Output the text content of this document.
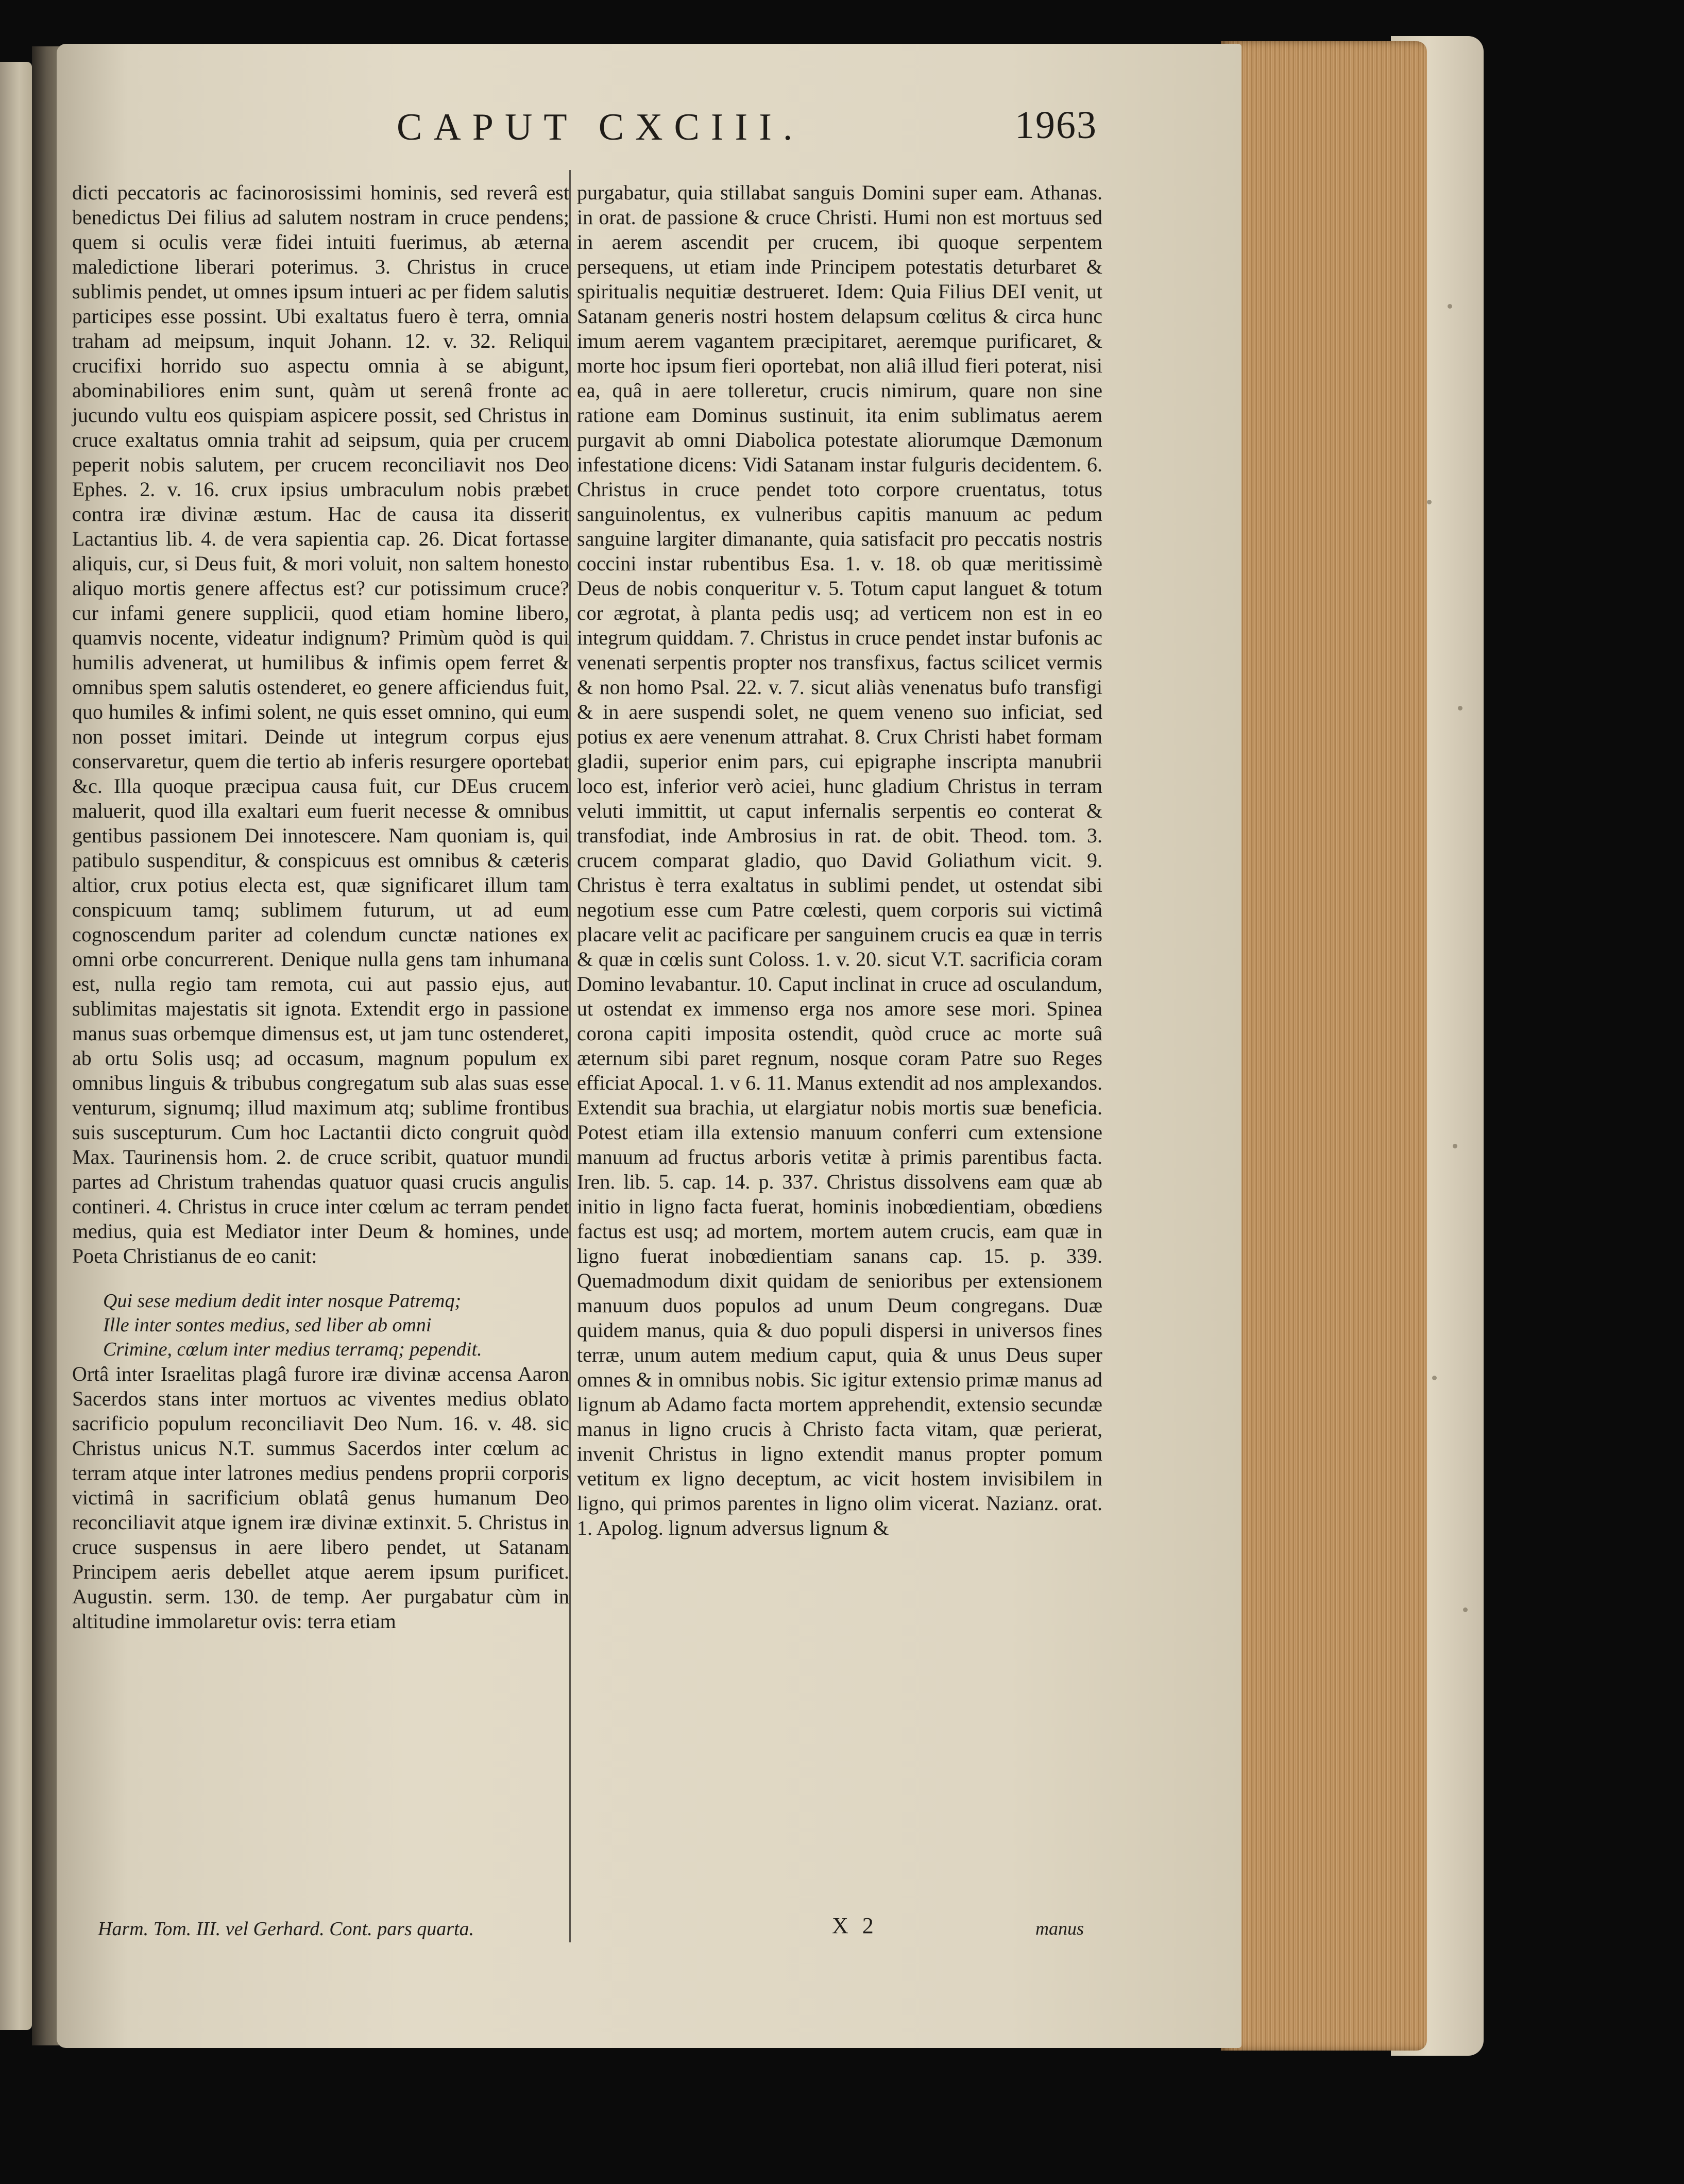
CAPUT CXCIII.	1963

dicti peccatoris ac facinorosissimi hominis, sed reverâ est benedictus Dei filius ad salutem nostram in cruce pendens; quem si oculis veræ fidei intuiti fuerimus, ab æterna maledictione liberari poterimus. 3. Christus in cruce sublimis pendet, ut omnes ipsum intueri ac per fidem salutis participes esse possint. Ubi exaltatus fuero è terra, omnia traham ad meipsum, inquit Johann. 12. v. 32. Reliqui crucifixi horrido suo aspectu omnia à se abigunt, abominabiliores enim sunt, quàm ut serenâ fronte ac jucundo vultu eos quispiam aspicere possit, sed Christus in cruce exaltatus omnia trahit ad seipsum, quia per crucem peperit nobis salutem, per crucem reconciliavit nos Deo Ephes. 2. v. 16. crux ipsius umbraculum nobis præbet contra iræ divinæ æstum. Hac de causa ita disserit Lactantius lib. 4. de vera sapientia cap. 26. Dicat fortasse aliquis, cur, si Deus fuit, & mori voluit, non saltem honesto aliquo mortis genere affectus est? cur potissimum cruce? cur infami genere supplicii, quod etiam homine libero, quamvis nocente, videatur indignum? Primùm quòd is qui humilis advenerat, ut humilibus & infimis opem ferret & omnibus spem salutis ostenderet, eo genere afficiendus fuit, quo humiles & infimi solent, ne quis esset omnino, qui eum non posset imitari. Deinde ut integrum corpus ejus conservaretur, quem die tertio ab inferis resurgere oportebat &c. Illa quoque præcipua causa fuit, cur DEus crucem maluerit, quod illa exaltari eum fuerit necesse & omnibus gentibus passionem Dei innotescere. Nam quoniam is, qui patibulo suspenditur, & conspicuus est omnibus & cæteris altior, crux potius electa est, quæ significaret illum tam conspicuum tamq; sublimem futurum, ut ad eum cognoscendum pariter ad colendum cunctæ nationes ex omni orbe concurrerent. Denique nulla gens tam inhumana est, nulla regio tam remota, cui aut passio ejus, aut sublimitas majestatis sit ignota. Extendit ergo in passione manus suas orbemque dimensus est, ut jam tunc ostenderet, ab ortu Solis usq; ad occasum, magnum populum ex omnibus linguis & tribubus congregatum sub alas suas esse venturum, signumq; illud maximum atq; sublime frontibus suis suscepturum. Cum hoc Lactantii dicto congruit quòd Max. Taurinensis hom. 2. de cruce scribit, quatuor mundi partes ad Christum trahendas quatuor quasi crucis angulis contineri. 4. Christus in cruce inter cœlum ac terram pendet medius, quia est Mediator inter Deum & homines, unde Poeta Christianus de eo canit:

Qui sese medium dedit inter nosque Patremq;
Ille inter sontes medius, sed liber ab omni
Crimine, cœlum inter medius terramq; pependit.

Ortâ inter Israelitas plagâ furore iræ divinæ accensa Aaron Sacerdos stans inter mortuos ac viventes medius oblato sacrificio populum reconciliavit Deo Num. 16. v. 48. sic Christus unicus N.T. summus Sacerdos inter cœlum ac terram atque inter latrones medius pendens proprii corporis victimâ in sacrificium oblatâ genus humanum Deo reconciliavit atque ignem iræ divinæ extinxit. 5. Christus in cruce suspensus in aere libero pendet, ut Satanam Principem aeris debellet atque aerem ipsum purificet. Augustin. serm. 130. de temp. Aer purgabatur cùm in altitudine immolaretur ovis: terra etiam

purgabatur, quia stillabat sanguis Domini super eam. Athanas. in orat. de passione & cruce Christi. Humi non est mortuus sed in aerem ascendit per crucem, ibi quoque serpentem persequens, ut etiam inde Principem potestatis deturbaret & spiritualis nequitiæ destrueret. Idem: Quia Filius DEI venit, ut Satanam generis nostri hostem delapsum cœlitus & circa hunc imum aerem vagantem præcipitaret, aeremque purificaret, & morte hoc ipsum fieri oportebat, non aliâ illud fieri poterat, nisi ea, quâ in aere tolleretur, crucis nimirum, quare non sine ratione eam Dominus sustinuit, ita enim sublimatus aerem purgavit ab omni Diabolica potestate aliorumque Dæmonum infestatione dicens: Vidi Satanam instar fulguris decidentem. 6. Christus in cruce pendet toto corpore cruentatus, totus sanguinolentus, ex vulneribus capitis manuum ac pedum sanguine largiter dimanante, quia satisfacit pro peccatis nostris coccini instar rubentibus Esa. 1. v. 18. ob quæ meritissimè Deus de nobis conqueritur v. 5. Totum caput languet & totum cor ægrotat, à planta pedis usq; ad verticem non est in eo integrum quiddam. 7. Christus in cruce pendet instar bufonis ac venenati serpentis propter nos transfixus, factus scilicet vermis & non homo Psal. 22. v. 7. sicut aliàs venenatus bufo transfigi & in aere suspendi solet, ne quem veneno suo inficiat, sed potius ex aere venenum attrahat. 8. Crux Christi habet formam gladii, superior enim pars, cui epigraphe inscripta manubrii loco est, inferior verò aciei, hunc gladium Christus in terram veluti immittit, ut caput infernalis serpentis eo conterat & transfodiat, inde Ambrosius in rat. de obit. Theod. tom. 3. crucem comparat gladio, quo David Goliathum vicit. 9. Christus è terra exaltatus in sublimi pendet, ut ostendat sibi negotium esse cum Patre cœlesti, quem corporis sui victimâ placare velit ac pacificare per sanguinem crucis ea quæ in terris & quæ in cœlis sunt Coloss. 1. v. 20. sicut V.T. sacrificia coram Domino levabantur. 10. Caput inclinat in cruce ad osculandum, ut ostendat ex immenso erga nos amore sese mori. Spinea corona capiti imposita ostendit, quòd cruce ac morte suâ æternum sibi paret regnum, nosque coram Patre suo Reges efficiat Apocal. 1. v 6. 11. Manus extendit ad nos amplexandos. Extendit sua brachia, ut elargiatur nobis mortis suæ beneficia. Potest etiam illa extensio manuum conferri cum extensione manuum ad fructus arboris vetitæ à primis parentibus facta. Iren. lib. 5. cap. 14. p. 337. Christus dissolvens eam quæ ab initio in ligno facta fuerat, hominis inobœdientiam, obœdiens factus est usq; ad mortem, mortem autem crucis, eam quæ in ligno fuerat inobœdientiam sanans cap. 15. p. 339. Quemadmodum dixit quidam de senioribus per extensionem manuum duos populos ad unum Deum congregans. Duæ quidem manus, quia & duo populi dispersi in universos fines terræ, unum autem medium caput, quia & unus Deus super omnes & in omnibus nobis. Sic igitur extensio primæ manus ad lignum ab Adamo facta mortem apprehendit, extensio secundæ manus in ligno crucis à Christo facta vitam, quæ perierat, invenit Christus in ligno extendit manus propter pomum vetitum ex ligno deceptum, ac vicit hostem invisibilem in ligno, qui primos parentes in ligno olim vicerat. Nazianz. orat. 1. Apolog. lignum adversus lignum &

Harm. Tom. III. vel Gerhard. Cont. pars quarta.	X 2	manus
